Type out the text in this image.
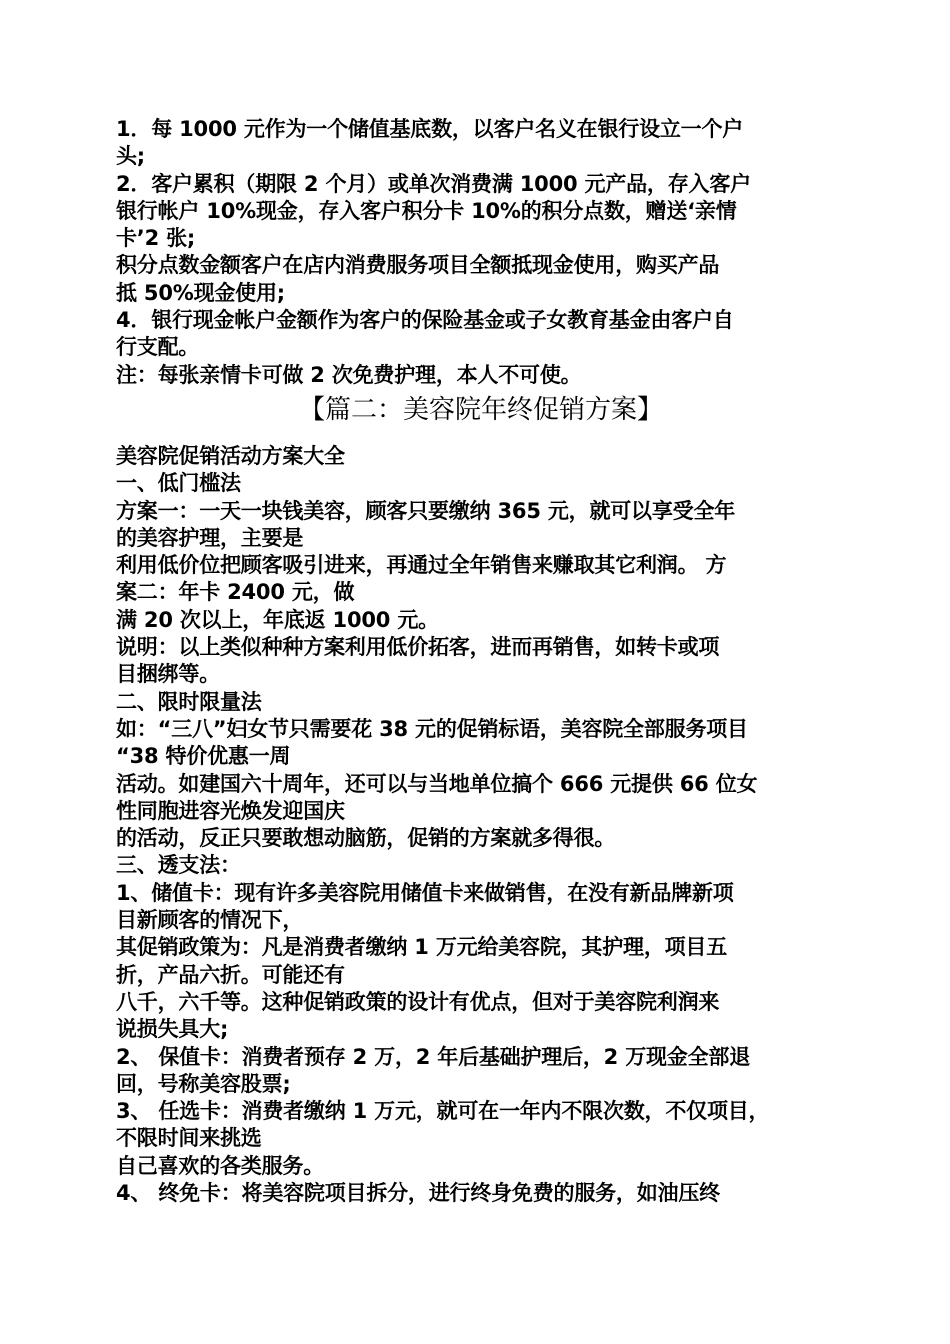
1．每 1000 元作为一个储值基底数，以客户名义在银行设立一个户
头;
2．客户累积（期限 2 个月）或单次消费满 1000 元产品，存入客户
银行帐户 10%现金，存入客户积分卡 10%的积分点数，赠送‘亲情
卡’2 张;
积分点数金额客户在店内消费服务项目全额抵现金使用，购买产品
抵 50%现金使用;
4．银行现金帐户金额作为客户的保险基金或子女教育基金由客户自
行支配。
注：每张亲情卡可做 2 次免费护理，本人不可使。
【篇二：美容院年终促销方案】
美容院促销活动方案大全
一、低门槛法
方案一：一天一块钱美容，顾客只要缴纳 365 元，就可以享受全年
的美容护理，主要是
利用低价位把顾客吸引进来，再通过全年销售来赚取其它利润。 方
案二：年卡 2400 元，做
满 20 次以上，年底返 1000 元。
说明：以上类似种种方案利用低价拓客，进而再销售，如转卡或项
目捆绑等。
二、限时限量法
如：“三八”妇女节只需要花 38 元的促销标语，美容院全部服务项目
“38 特价优惠一周
活动。如建国六十周年，还可以与当地单位搞个 666 元提供 66 位女
性同胞进容光焕发迎国庆
的活动，反正只要敢想动脑筋，促销的方案就多得很。
三、透支法：
1、储值卡：现有许多美容院用储值卡来做销售，在没有新品牌新项
目新顾客的情况下，
其促销政策为：凡是消费者缴纳 1 万元给美容院，其护理，项目五
折，产品六折。可能还有
八千，六千等。这种促销政策的设计有优点，但对于美容院利润来
说损失具大;
2、 保值卡：消费者预存 2 万，2 年后基础护理后，2 万现金全部退
回，号称美容股票;
3、 任选卡：消费者缴纳 1 万元，就可在一年内不限次数，不仅项目，
不限时间来挑选
自己喜欢的各类服务。
4、 终免卡：将美容院项目拆分，进行终身免费的服务，如油压终
